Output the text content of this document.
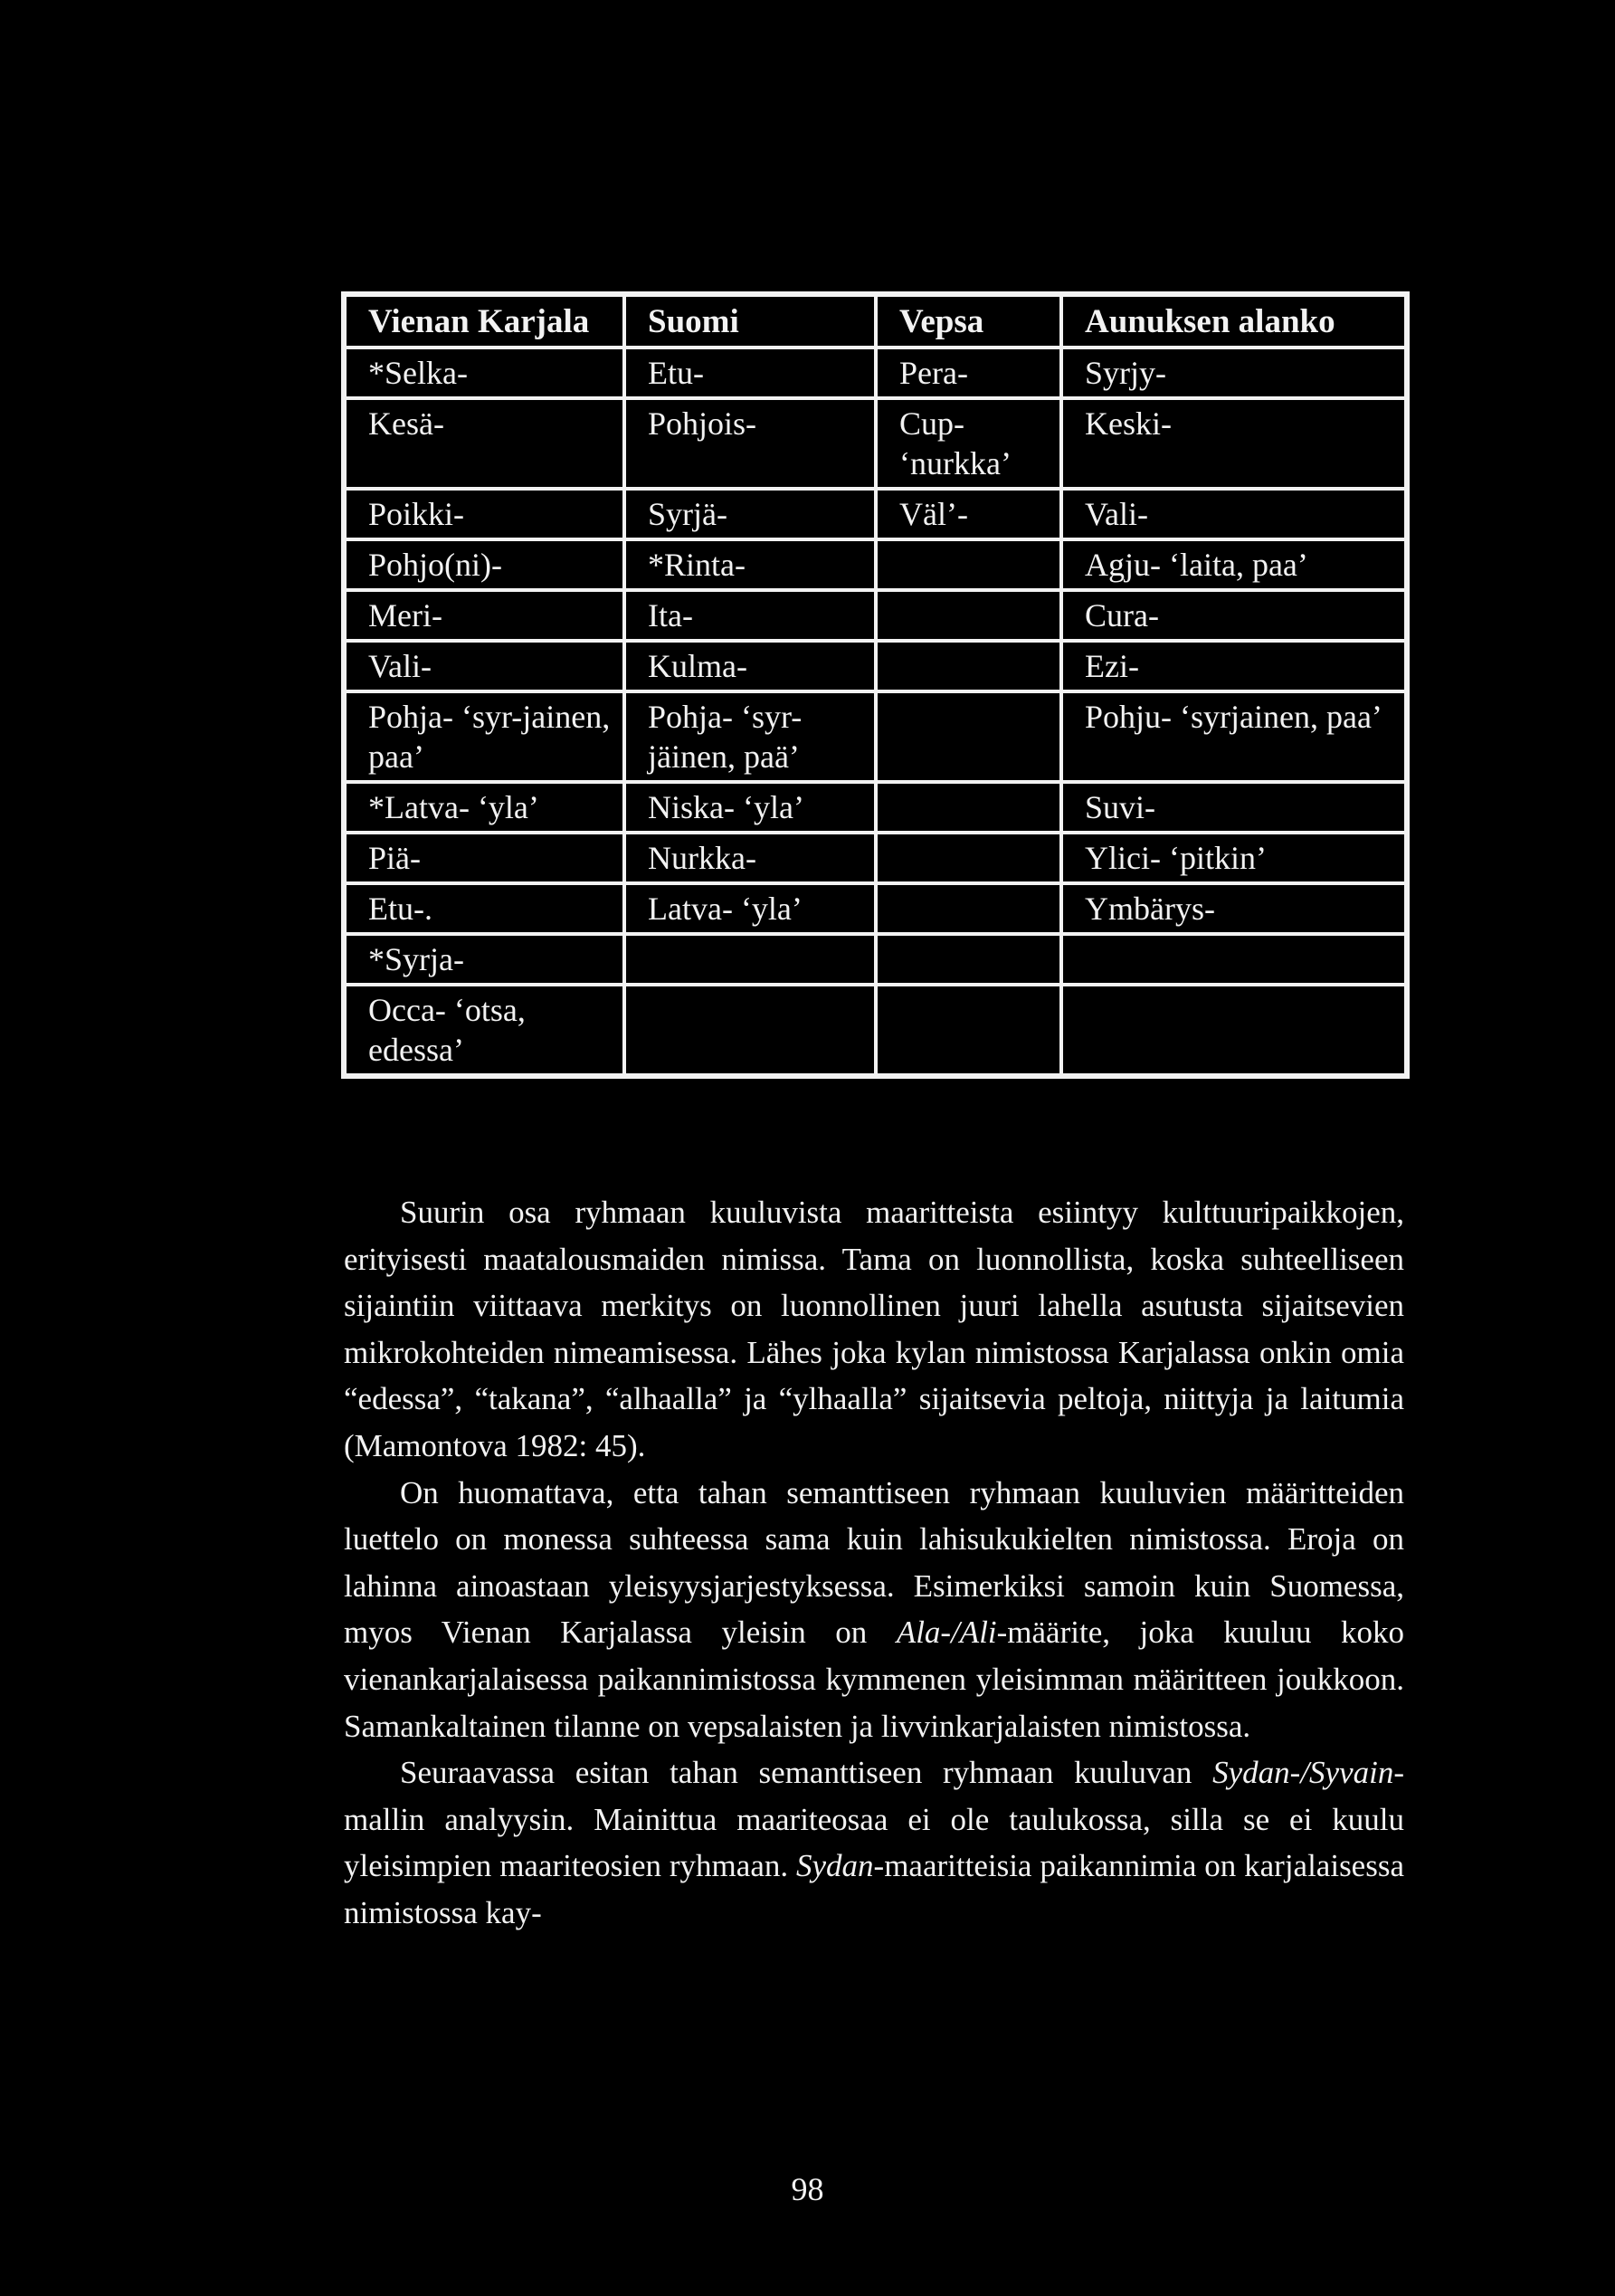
Vienan Karjala	Suomi	Vepsa	Aunuksen alanko
*Selka-	Etu-	Pera-	Syrjy-
Kesä-	Pohjois-	Cup- ‘nurkka’	Keski-
Poikki-	Syrjä-	Väl’-	Vali-
Pohjo(ni)-	*Rinta-		Agju- ‘laita, paa’
Meri-	Ita-		Cura-
Vali-	Kulma-		Ezi-
Pohja- ‘syr-jainen, paa’	Pohja- ‘syr-jäinen, paä’		Pohju- ‘syrjainen, paa’
*Latva- ‘yla’	Niska- ‘yla’		Suvi-
Piä-	Nurkka-		Ylici- ‘pitkin’
Etu-.	Latva- ‘yla’		Ymbärys-
*Syrja-			
Occa- ‘otsa, edessa’			

Suurin osa ryhmaan kuuluvista maaritteista esiintyy kulttuuripaikkojen, erityisesti maatalousmaiden nimissa. Tama on luonnollista, koska suhteelliseen sijaintiin viittaava merkitys on luonnollinen juuri lahella asutusta sijaitsevien mikrokohteiden nimeamisessa. Lähes joka kylan nimistossa Karjalassa onkin omia “edessa”, “takana”, “alhaalla” ja “ylhaalla” sijaitsevia peltoja, niittyja ja laitumia (Mamontova 1982: 45).

On huomattava, etta tahan semanttiseen ryhmaan kuuluvien määritteiden luettelo on monessa suhteessa sama kuin lahisukukielten nimistossa. Eroja on lahinna ainoastaan yleisyysjarjestyksessa. Esimerkiksi samoin kuin Suomessa, myos Vienan Karjalassa yleisin on Ala-/Ali-määrite, joka kuuluu koko vienankarjalaisessa paikannimistossa kymmenen yleisimman määritteen joukkoon. Samankaltainen tilanne on vepsalaisten ja livvinkarjalaisten nimistossa.

Seuraavassa esitan tahan semanttiseen ryhmaan kuuluvan Sydan-/Syvain-mallin analyysin. Mainittua maariteosaa ei ole taulukossa, silla se ei kuulu yleisimpien maariteosien ryhmaan. Sydan-maaritteisia paikannimia on karjalaisessa nimistossa kay-

98
